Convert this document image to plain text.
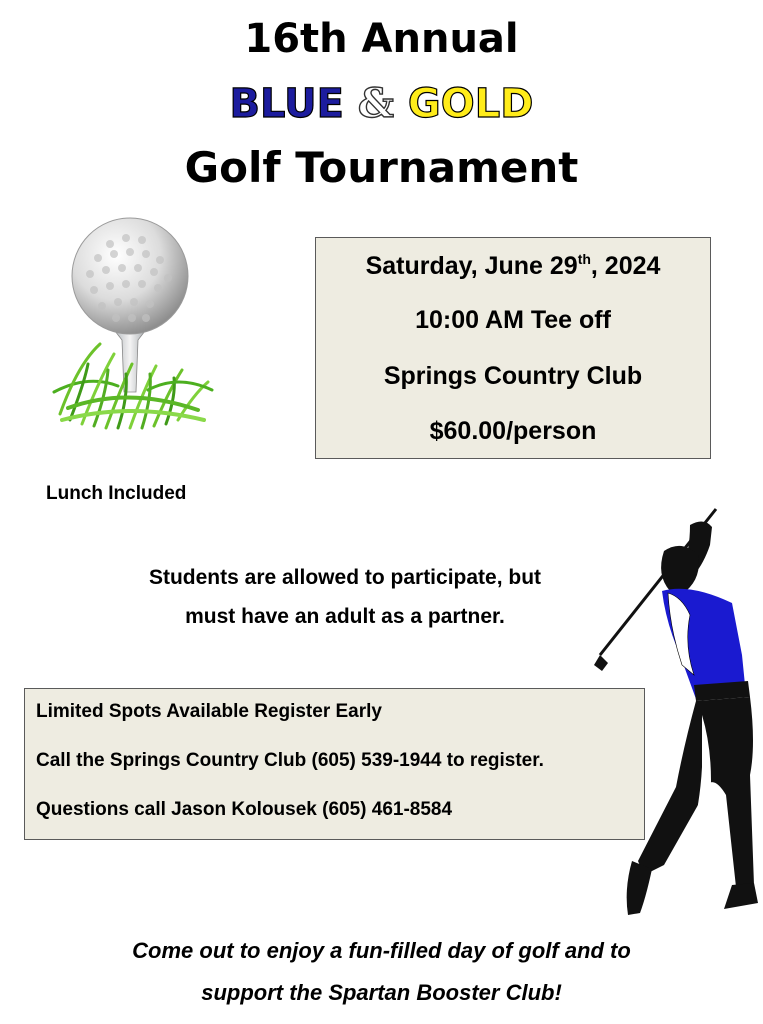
16th Annual
BLUE & GOLD
Golf Tournament
Saturday, June 29th, 2024
10:00 AM Tee off
Springs Country Club
$60.00/person
Lunch Included
Students are allowed to participate, but
must have an adult as a partner.
Limited Spots Available Register Early
Call the Springs Country Club (605) 539-1944 to register.
Questions call Jason Kolousek (605) 461-8584
Come out to enjoy a fun-filled day of golf and to
support the Spartan Booster Club!
